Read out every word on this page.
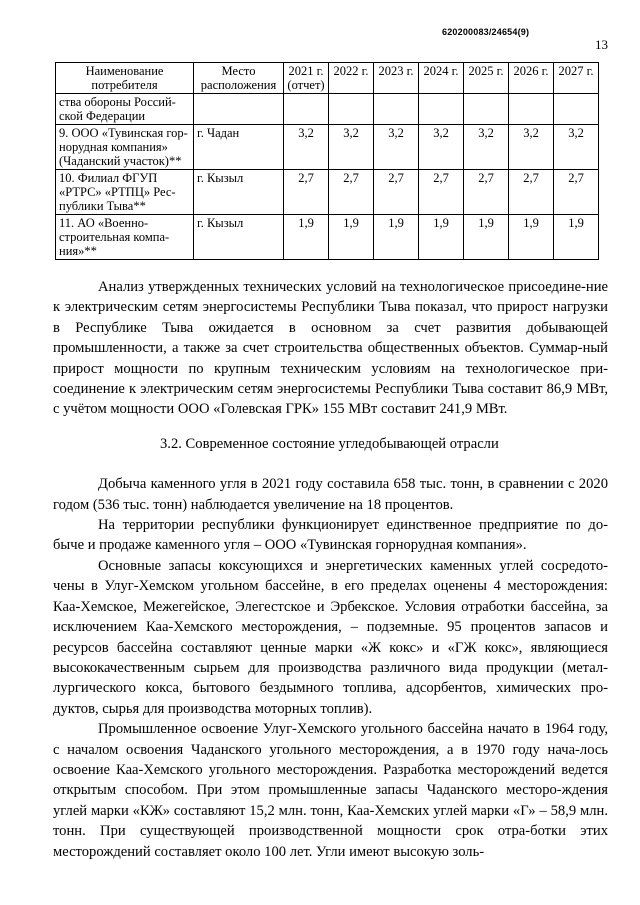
620200083/24654(9)
13
Наименование потребителя	Место расположения	2021 г. (отчет)	2022 г.	2023 г.	2024 г.	2025 г.	2026 г.	2027 г.
ства обороны Россий-ской Федерации								
9. ООО «Тувинская гор-норудная компания» (Чаданский участок)**	г. Чадан	3,2	3,2	3,2	3,2	3,2	3,2	3,2
10. Филиал ФГУП «РТРС» «РТПЦ» Рес-публики Тыва**	г. Кызыл	2,7	2,7	2,7	2,7	2,7	2,7	2,7
11. АО «Военно-строительная компа-ния»**	г. Кызыл	1,9	1,9	1,9	1,9	1,9	1,9	1,9

Анализ утвержденных технических условий на технологическое присоедине-ние к электрическим сетям энергосистемы Республики Тыва показал, что прирост нагрузки в Республике Тыва ожидается в основном за счет развития добывающей промышленности, а также за счет строительства общественных объектов. Суммар-ный прирост мощности по крупным техническим условиям на технологическое при-соединение к электрическим сетям энергосистемы Республики Тыва составит 86,9 МВт, с учётом мощности ООО «Голевская ГРК» 155 МВт составит 241,9 МВт.

3.2. Современное состояние угледобывающей отрасли

Добыча каменного угля в 2021 году составила 658 тыс. тонн, в сравнении с 2020 годом (536 тыс. тонн) наблюдается увеличение на 18 процентов.

На территории республики функционирует единственное предприятие по до-быче и продаже каменного угля – ООО «Тувинская горнорудная компания».

Основные запасы коксующихся и энергетических каменных углей сосредото-чены в Улуг-Хемском угольном бассейне, в его пределах оценены 4 месторождения: Каа-Хемское, Межегейское, Элегестское и Эрбекское. Условия отработки бассейна, за исключением Каа-Хемского месторождения, – подземные. 95 процентов запасов и ресурсов бассейна составляют ценные марки «Ж кокс» и «ГЖ кокс», являющиеся высококачественным сырьем для производства различного вида продукции (метал-лургического кокса, бытового бездымного топлива, адсорбентов, химических про-дуктов, сырья для производства моторных топлив).

Промышленное освоение Улуг-Хемского угольного бассейна начато в 1964 году, с началом освоения Чаданского угольного месторождения, а в 1970 году нача-лось освоение Каа-Хемского угольного месторождения. Разработка месторождений ведется открытым способом. При этом промышленные запасы Чаданского месторо-ждения углей марки «КЖ» составляют 15,2 млн. тонн, Каа-Хемских углей марки «Г» – 58,9 млн. тонн. При существующей производственной мощности срок отра-ботки этих месторождений составляет около 100 лет. Угли имеют высокую золь-
